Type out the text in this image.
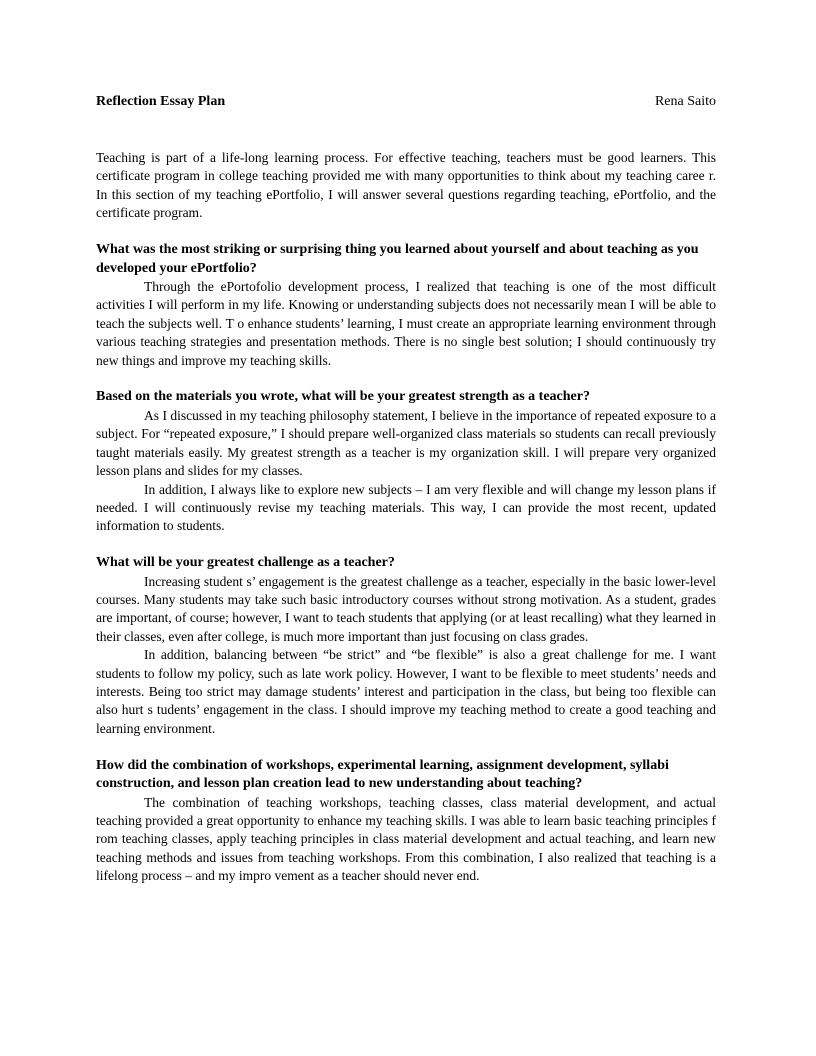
Reflection Essay Plan	Rena Saito

Teaching is part of a life-long learning process. For effective teaching, teachers must be good learners. This certificate program in college teaching provided me with many opportunities to think about my teaching caree r. In this section of my teaching ePortfolio, I will answer several questions regarding teaching, ePortfolio, and the certificate program.

What was the most striking or surprising thing you learned about yourself and about teaching as you developed your ePortfolio?

Through the ePortofolio development process, I realized that teaching is one of the most difficult activities I will perform in my life. Knowing or understanding subjects does not necessarily mean I will be able to teach the subjects well. T o enhance students’ learning, I must create an appropriate learning environment through various teaching strategies and presentation methods. There is no single best solution; I should continuously try new things and improve my teaching skills.

Based on the materials you wrote, what will be your greatest strength as a teacher?

As I discussed in my teaching philosophy statement, I believe in the importance of repeated exposure to a subject. For “repeated exposure,” I should prepare well-organized class materials so students can recall previously taught materials easily. My greatest strength as a teacher is my organization skill. I will prepare very organized lesson plans and slides for my classes.

In addition, I always like to explore new subjects – I am very flexible and will change my lesson plans if needed. I will continuously revise my teaching materials. This way, I can provide the most recent, updated information to students.

What will be your greatest challenge as a teacher?

Increasing student s’ engagement is the greatest challenge as a teacher, especially in the basic lower-level courses. Many students may take such basic introductory courses without strong motivation. As a student, grades are important, of course; however, I want to teach students that applying (or at least recalling) what they learned in their classes, even after college, is much more important than just focusing on class grades.

In addition, balancing between “be strict” and “be flexible” is also a great challenge for me. I want students to follow my policy, such as late work policy. However, I want to be flexible to meet students’ needs and interests. Being too strict may damage students’ interest and participation in the class, but being too flexible can also hurt s tudents’ engagement in the class. I should improve my teaching method to create a good teaching and learning environment.

How did the combination of workshops, experimental learning, assignment development, syllabi construction, and lesson plan creation lead to new understanding about teaching?

The combination of teaching workshops, teaching classes, class material development, and actual teaching provided a great opportunity to enhance my teaching skills. I was able to learn basic teaching principles f rom teaching classes, apply teaching principles in class material development and actual teaching, and learn new teaching methods and issues from teaching workshops. From this combination, I also realized that teaching is a lifelong process – and my impro vement as a teacher should never end.
